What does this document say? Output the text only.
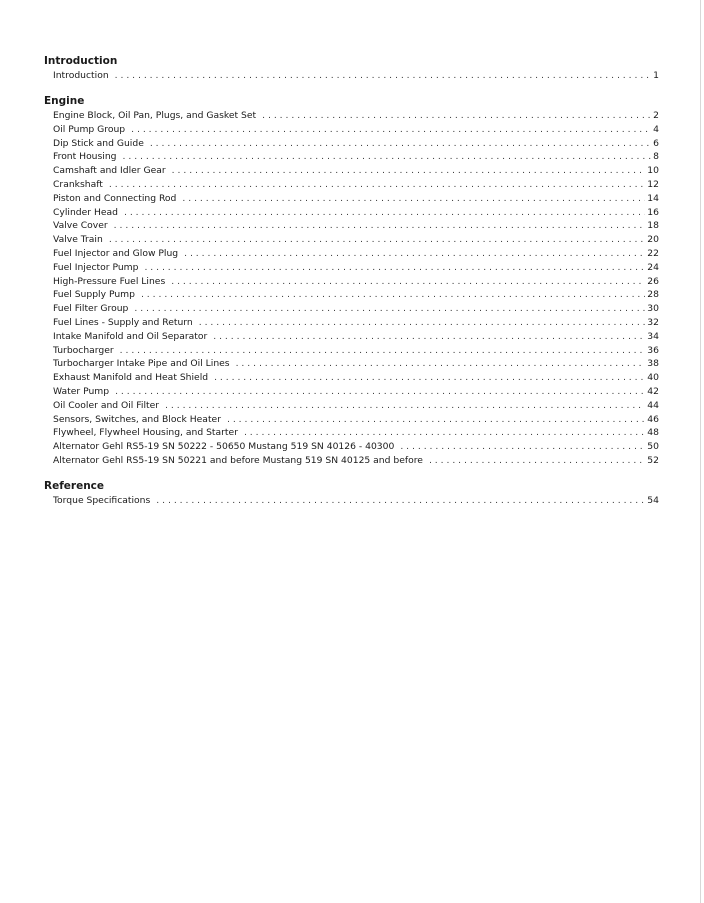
Introduction
Introduction . . .	1
Engine
Engine Block, Oil Pan, Plugs, and Gasket Set . . .	2
Oil Pump Group . . .	4
Dip Stick and Guide . . .	6
Front Housing . . .	8
Camshaft and Idler Gear . . .	10
Crankshaft . . .	12
Piston and Connecting Rod . . .	14
Cylinder Head . . .	16
Valve Cover . . .	18
Valve Train . . .	20
Fuel Injector and Glow Plug . . .	22
Fuel Injector Pump . . .	24
High-Pressure Fuel Lines . . .	26
Fuel Supply Pump . . .	28
Fuel Filter Group . . .	30
Fuel Lines - Supply and Return . . .	32
Intake Manifold and Oil Separator . . .	34
Turbocharger . . .	36
Turbocharger Intake Pipe and Oil Lines . . .	38
Exhaust Manifold and Heat Shield . . .	40
Water Pump . . .	42
Oil Cooler and Oil Filter . . .	44
Sensors, Switches, and Block Heater . . .	46
Flywheel, Flywheel Housing, and Starter . . .	48
Alternator Gehl RS5-19 SN 50222 - 50650 Mustang 519 SN 40126 - 40300 . . .	50
Alternator Gehl RS5-19 SN 50221 and before Mustang 519 SN 40125 and before . . .	52
Reference
Torque Specifications . . .	54
